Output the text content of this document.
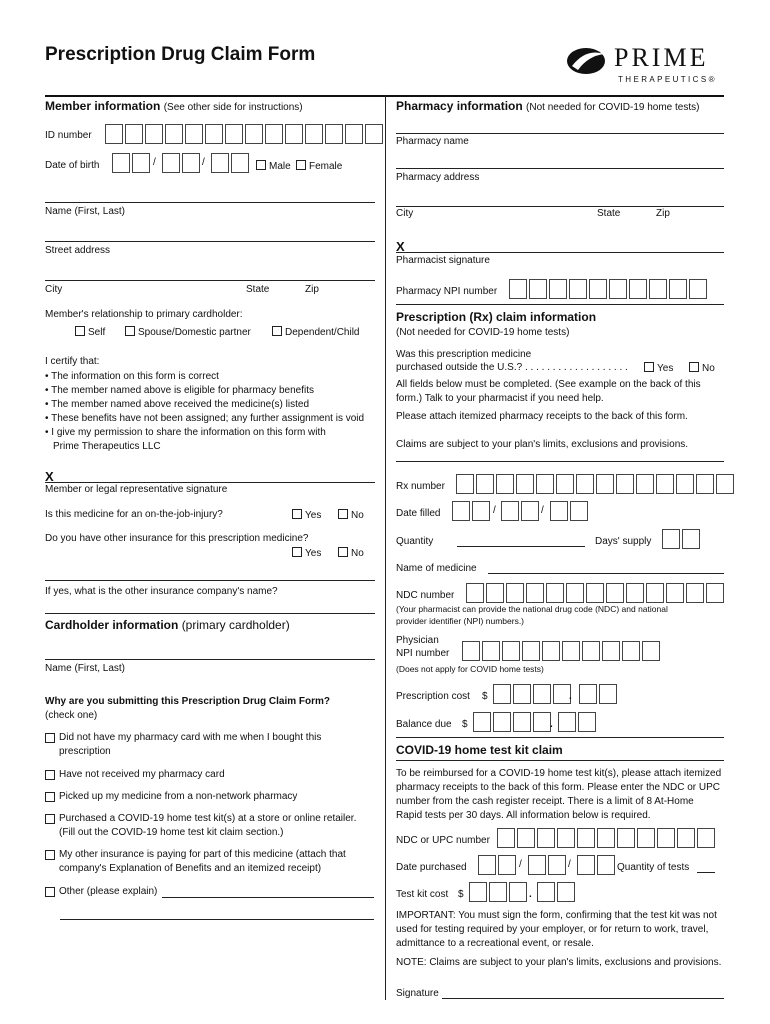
Prescription Drug Claim Form	PRIME
THERAPEUTICS®
Member information (See other side for instructions)
ID number
Date of birth	/	/	Male	Female
Name (First, Last)
Street address
City	State	Zip
Member's relationship to primary cardholder:
Self	Spouse/Domestic partner	Dependent/Child
I certify that:
• The information on this form is correct
• The member named above is eligible for pharmacy benefits
• The member named above received the medicine(s) listed
• These benefits have not been assigned; any further assignment is void
• I give my permission to share the information on this form with
Prime Therapeutics LLC
X
Member or legal representative signature
Is this medicine for an on-the-job-injury?	Yes	No
Do you have other insurance for this prescription medicine?
Yes	No
If yes, what is the other insurance company's name?
Cardholder information (primary cardholder)
Name (First, Last)
Why are you submitting this Prescription Drug Claim Form?
(check one)
Did not have my pharmacy card with me when I bought this prescription
Have not received my pharmacy card
Picked up my medicine from a non-network pharmacy
Purchased a COVID-19 home test kit(s) at a store or online retailer. (Fill out the COVID-19 home test kit claim section.)
My other insurance is paying for part of this medicine (attach that company's Explanation of Benefits and an itemized receipt)
Other (please explain)
Pharmacy information (Not needed for COVID-19 home tests)
Pharmacy name
Pharmacy address
City	State	Zip
X
Pharmacist signature
Pharmacy NPI number
Prescription (Rx) claim information
(Not needed for COVID-19 home tests)
Was this prescription medicine
purchased outside the U.S.? . . . . . . . . . . . . . . . . . . .	Yes	No
All fields below must be completed. (See example on the back of this form.) Talk to your pharmacist if you need help.
Please attach itemized pharmacy receipts to the back of this form.
Claims are subject to your plan's limits, exclusions and provisions.
Rx number
Date filled	/	/
Quantity	Days' supply
Name of medicine
NDC number
(Your pharmacist can provide the national drug code (NDC) and national provider identifier (NPI) numbers.)
Physician
NPI number
(Does not apply for COVID home tests)
Prescription cost $	.
Balance due $	.
COVID-19 home test kit claim
To be reimbursed for a COVID-19 home test kit(s), please attach itemized pharmacy receipts to the back of this form. Please enter the NDC or UPC number from the cash register receipt. There is a limit of 8 At-Home Rapid tests per 30 days. All information below is required.
NDC or UPC number
Date purchased	/	/	Quantity of tests
Test kit cost $	.
IMPORTANT: You must sign the form, confirming that the test kit was not used for testing required by your employer, or for return to work, travel, admittance to a recreational event, or resale.
NOTE: Claims are subject to your plan's limits, exclusions and provisions.
Signature
